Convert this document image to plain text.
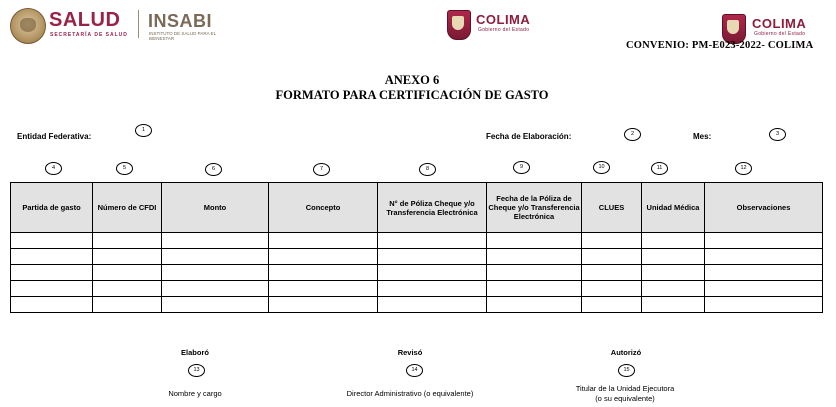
SALUD
SECRETARÍA DE SALUD
INSABI
INSTITUTO DE SALUD PARA EL BIENESTAR
COLIMA
Gobierno del Estado	COLIMA
Gobierno del Estado
CONVENIO: PM-E023-2022- COLIMA
ANEXO 6
FORMATO PARA CERTIFICACIÓN DE GASTO
Entidad Federativa:
1
Fecha de Elaboración:	2	Mes:	3
4	5	6	7	8	9	10	11	12
Partida de gasto	Número de CFDI	Monto	Concepto	N° de Póliza Cheque y/o Transferencia Electrónica	Fecha de la Póliza de Cheque y/o Transferencia Electrónica	CLUES	Unidad Médica	Observaciones

Elaboró
13
Nombre y cargo
Revisó
14
Director Administrativo (o equivalente)
Autorizó
15
Titular de la Unidad Ejecutora
(o su equivalente)
